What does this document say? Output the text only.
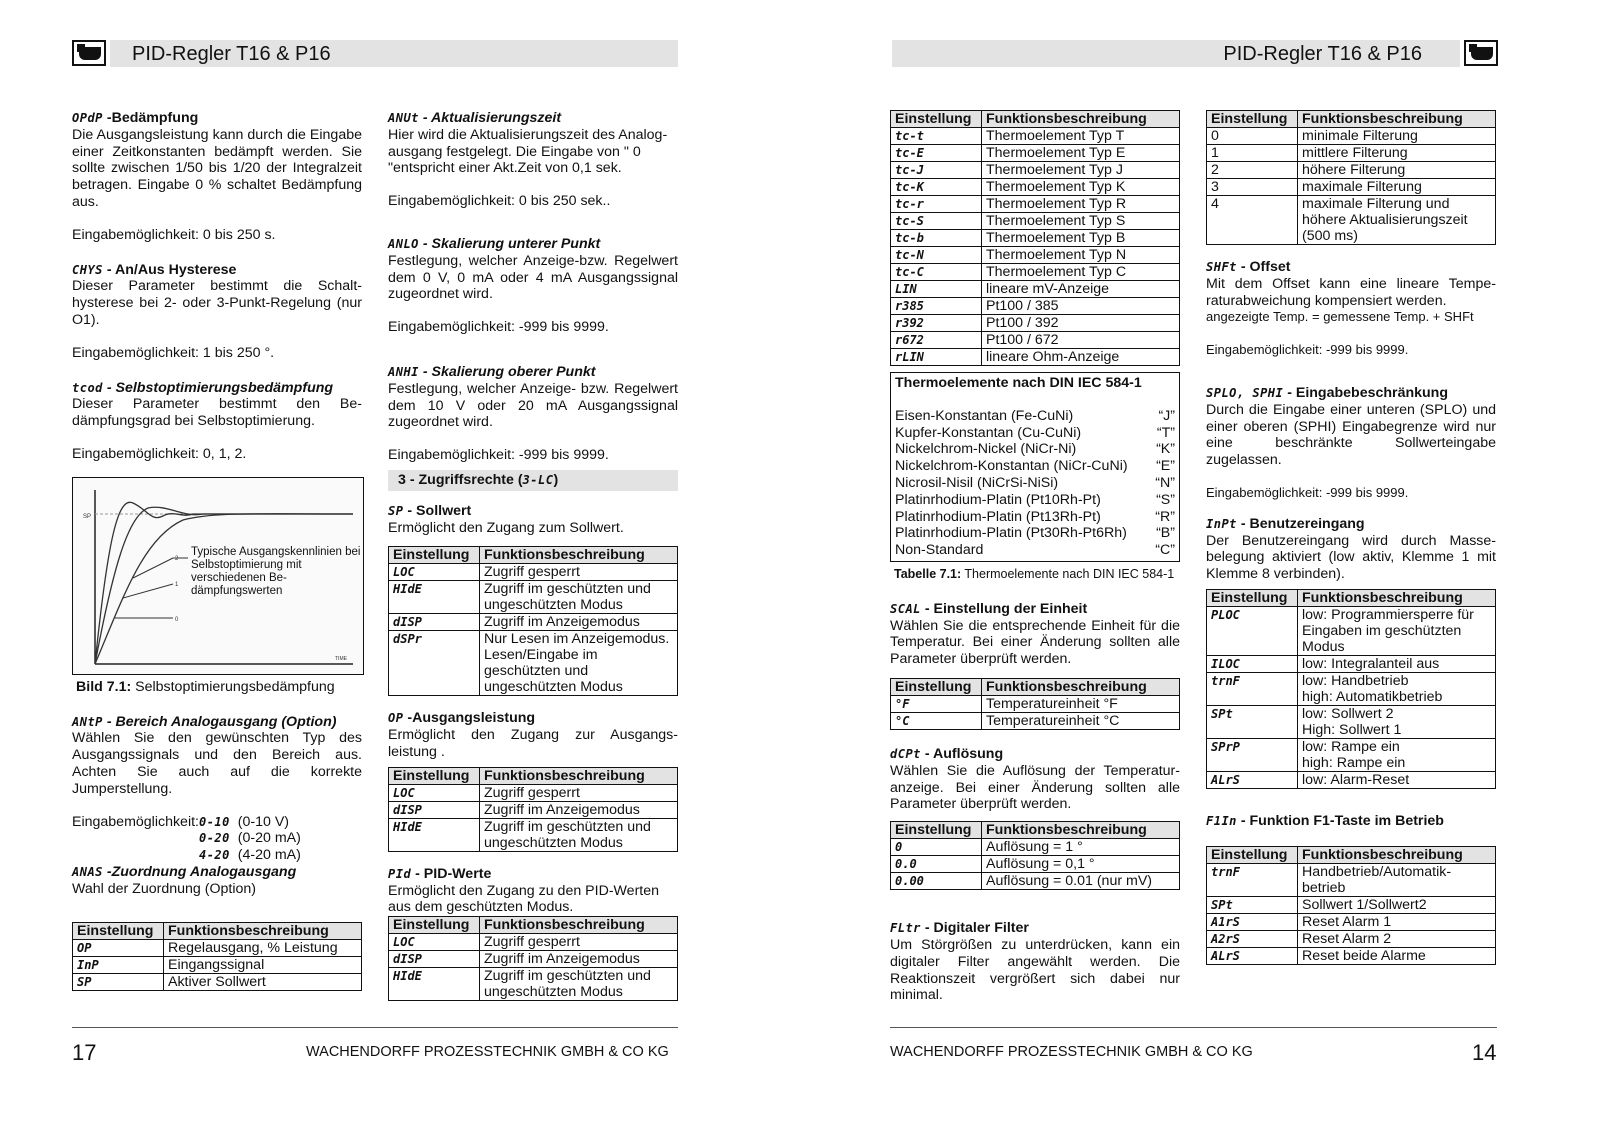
PID-Regler T16 & P16	PID-Regler T16 & P16
OPdP -Bedämpfung

Die Ausgangsleistung kann durch die Eingabe einer Zeitkonstanten bedämpft werden. Sie sollte zwischen 1/50 bis 1/20 der Integralzeit betragen. Eingabe 0 % schaltet Bedämpfung aus.

Eingabemöglichkeit: 0 bis 250 s.

CHYS - An/Aus Hysterese

Dieser Parameter bestimmt die Schalt-hysterese bei 2- oder 3-Punkt-Regelung (nur O1).

Eingabemöglichkeit: 1 bis 250 °.

tcod - Selbstoptimierungsbedämpfung

Dieser Parameter bestimmt den Be-dämpfungsgrad bei Selbstoptimierung.

Eingabemöglichkeit: 0, 1, 2.

SP
2
1
0
TIME
Typische Ausgangskennlinien bei Selbstoptimierung mit verschiedenen Be-dämpfungswerten

Bild 7.1: Selbstoptimierungsbedämpfung

ANtP - Bereich Analogausgang (Option)

Wählen Sie den gewünschten Typ des Ausgangssignals und den Bereich aus. Achten Sie auch auf die korrekte Jumperstellung.

Eingabemöglichkeit: 0-10 (0-10 V)
0-20 (0-20 mA)
4-20 (4-20 mA)
ANAS -Zuordnung Analogausgang

Wahl der Zuordnung (Option)

Einstellung	Funktionsbeschreibung
OP	Regelausgang, % Leistung
InP	Eingangssignal
SP	Aktiver Sollwert
ANUt - Aktualisierungszeit

Hier wird die Aktualisierungszeit des Analog-ausgang festgelegt. Die Eingabe von " 0 "entspricht einer Akt.Zeit von 0,1 sek.

Eingabemöglichkeit: 0 bis 250 sek..

ANLO - Skalierung unterer Punkt

Festlegung, welcher Anzeige-bzw. Regelwert dem 0 V, 0 mA oder 4 mA Ausgangssignal zugeordnet wird.

Eingabemöglichkeit: -999 bis 9999.

ANHI - Skalierung oberer Punkt

Festlegung, welcher Anzeige- bzw. Regelwert dem 10 V oder 20 mA Ausgangssignal zugeordnet wird.

Eingabemöglichkeit: -999 bis 9999.

3 - Zugriffsrechte (3-LC)
SP - Sollwert

Ermöglicht den Zugang zum Sollwert.

Einstellung	Funktionsbeschreibung
LOC	Zugriff gesperrt
HIdE	Zugriff im geschützten und ungeschützten Modus
dISP	Zugriff im Anzeigemodus
dSPr	Nur Lesen im Anzeigemodus. Lesen/Eingabe im geschützten und ungeschützten Modus
OP -Ausgangsleistung

Ermöglicht den Zugang zur Ausgangs-leistung .

Einstellung	Funktionsbeschreibung
LOC	Zugriff gesperrt
dISP	Zugriff im Anzeigemodus
HIdE	Zugriff im geschützten und ungeschützten Modus
PId - PID-Werte

Ermöglicht den Zugang zu den PID-Werten aus dem geschützten Modus.

Einstellung	Funktionsbeschreibung
LOC	Zugriff gesperrt
dISP	Zugriff im Anzeigemodus
HIdE	Zugriff im geschützten und ungeschützten Modus
Einstellung	Funktionsbeschreibung
tc-t	Thermoelement Typ T
tc-E	Thermoelement Typ E
tc-J	Thermoelement Typ J
tc-K	Thermoelement Typ K
tc-r	Thermoelement Typ R
tc-S	Thermoelement Typ S
tc-b	Thermoelement Typ B
tc-N	Thermoelement Typ N
tc-C	Thermoelement Typ C
LIN	lineare mV-Anzeige
r385	Pt100 / 385
r392	Pt100 / 392
r672	Pt100 / 672
rLIN	lineare Ohm-Anzeige
Thermoelemente nach DIN IEC 584-1
Eisen-Konstantan (Fe-CuNi)	“J”
Kupfer-Konstantan (Cu-CuNi)	“T”
Nickelchrom-Nickel (NiCr-Ni)	“K”
Nickelchrom-Konstantan (NiCr-CuNi) “E”
Nicrosil-Nisil (NiCrSi-NiSi)	“N”
Platinrhodium-Platin (Pt10Rh-Pt)	“S”
Platinrhodium-Platin (Pt13Rh-Pt)	“R”
Platinrhodium-Platin (Pt30Rh-Pt6Rh) “B”
Non-Standard	“C”

Tabelle 7.1: Thermoelemente nach DIN IEC 584-1

SCAL - Einstellung der Einheit

Wählen Sie die entsprechende Einheit für die Temperatur. Bei einer Änderung sollten alle Parameter überprüft werden.

Einstellung	Funktionsbeschreibung
°F	Temperatureinheit °F
°C	Temperatureinheit °C
dCPt - Auflösung

Wählen Sie die Auflösung der Temperatur-anzeige. Bei einer Änderung sollten alle Parameter überprüft werden.

Einstellung	Funktionsbeschreibung
0	Auflösung = 1 °
0.0	Auflösung = 0,1 °
0.00	Auflösung = 0.01 (nur mV)
FLtr - Digitaler Filter

Um Störgrößen zu unterdrücken, kann ein digitaler Filter angewählt werden. Die Reaktionszeit vergrößert sich dabei nur minimal.

Einstellung	Funktionsbeschreibung
0	minimale Filterung
1	mittlere Filterung
2	höhere Filterung
3	maximale Filterung
4	maximale Filterung und höhere Aktualisierungszeit (500 ms)
SHFt - Offset

Mit dem Offset kann eine lineare Tempe-raturabweichung kompensiert werden.

angezeigte Temp. = gemessene Temp. + SHFt

Eingabemöglichkeit: -999 bis 9999.

SPLO, SPHI - Eingabebeschränkung

Durch die Eingabe einer unteren (SPLO) und einer oberen (SPHI) Eingabegrenze wird nur eine beschränkte Sollwerteingabe zugelassen.

Eingabemöglichkeit: -999 bis 9999.

InPt - Benutzereingang

Der Benutzereingang wird durch Masse-belegung aktiviert (low aktiv, Klemme 1 mit Klemme 8 verbinden).

Einstellung	Funktionsbeschreibung
PLOC	low: Programmiersperre für Eingaben im geschützten Modus
ILOC	low: Integralanteil aus
trnF	low: Handbetrieb
high: Automatikbetrieb
SPt	low: Sollwert 2
High: Sollwert 1
SPrP	low: Rampe ein
high: Rampe ein
ALrS	low: Alarm-Reset
F1In - Funktion F1-Taste im Betrieb
Einstellung	Funktionsbeschreibung
trnF	Handbetrieb/Automatik-betrieb
SPt	Sollwert 1/Sollwert2
A1rS	Reset Alarm 1
A2rS	Reset Alarm 2
ALrS	Reset beide Alarme
17	WACHENDORFF PROZESSTECHNIK GMBH & CO KG	WACHENDORFF PROZESSTECHNIK GMBH & CO KG	14
